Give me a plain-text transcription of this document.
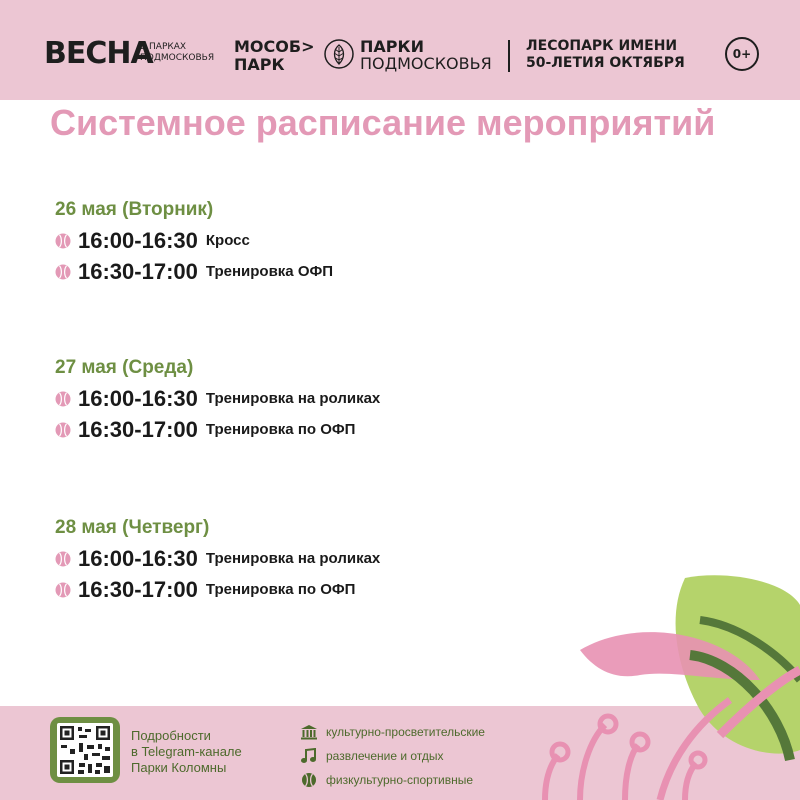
ВЕСНА
В ПАРКАХ
ПОДМОСКОВЬЯ
МОСОБ>
ПАРК
ПАРКИ
ПОДМОСКОВЬЯ
ЛЕСОПАРК ИМЕНИ
50-ЛЕТИЯ ОКТЯБРЯ
0+
Системное расписание мероприятий
26 мая (Вторник)
16:00-16:30 Кросс
16:30-17:00 Тренировка ОФП
27 мая (Среда)
16:00-16:30 Тренировка на роликах
16:30-17:00 Тренировка по ОФП
28 мая (Четверг)
16:00-16:30 Тренировка на роликах
16:30-17:00 Тренировка по ОФП
Подробности
в Telegram-канале
Парки Коломны
культурно-просветительские
развлечение и отдых
физкультурно-спортивные
